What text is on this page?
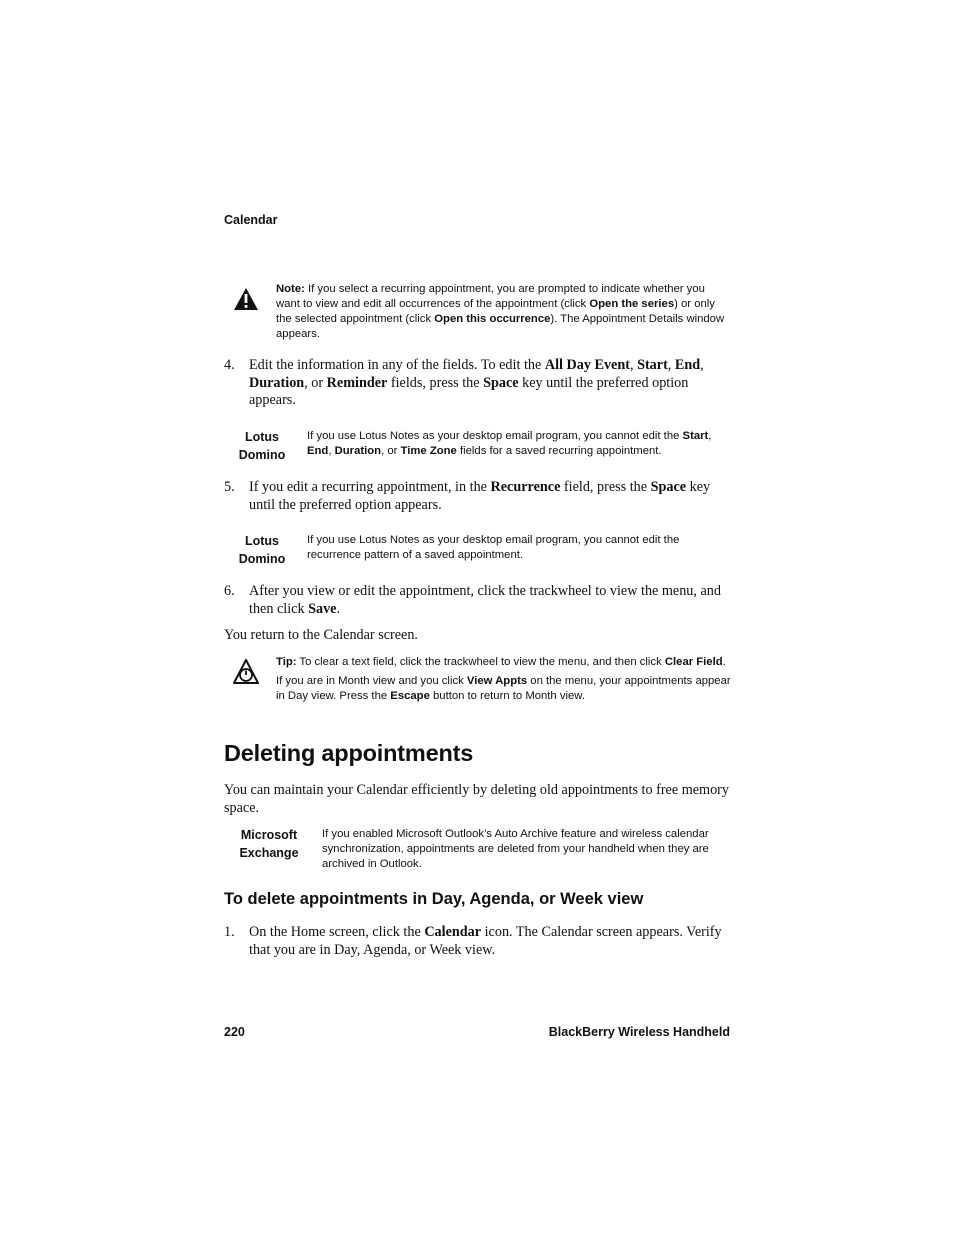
Calendar
Note: If you select a recurring appointment, you are prompted to indicate whether you want to view and edit all occurrences of the appointment (click Open the series) or only the selected appointment (click Open this occurrence). The Appointment Details window appears.
4. Edit the information in any of the fields. To edit the All Day Event, Start, End, Duration, or Reminder fields, press the Space key until the preferred option appears.
Lotus
Domino
If you use Lotus Notes as your desktop email program, you cannot edit the Start, End, Duration, or Time Zone fields for a saved recurring appointment.
5. If you edit a recurring appointment, in the Recurrence field, press the Space key until the preferred option appears.
Lotus
Domino
If you use Lotus Notes as your desktop email program, you cannot edit the recurrence pattern of a saved appointment.
6. After you view or edit the appointment, click the trackwheel to view the menu, and then click Save.
You return to the Calendar screen.
Tip: To clear a text field, click the trackwheel to view the menu, and then click Clear Field.
If you are in Month view and you click View Appts on the menu, your appointments appear in Day view. Press the Escape button to return to Month view.
Deleting appointments
You can maintain your Calendar efficiently by deleting old appointments to free memory space.
Microsoft
Exchange
If you enabled Microsoft Outlook’s Auto Archive feature and wireless calendar synchronization, appointments are deleted from your handheld when they are archived in Outlook.
To delete appointments in Day, Agenda, or Week view
1. On the Home screen, click the Calendar icon. The Calendar screen appears. Verify that you are in Day, Agenda, or Week view.
220	BlackBerry Wireless Handheld
